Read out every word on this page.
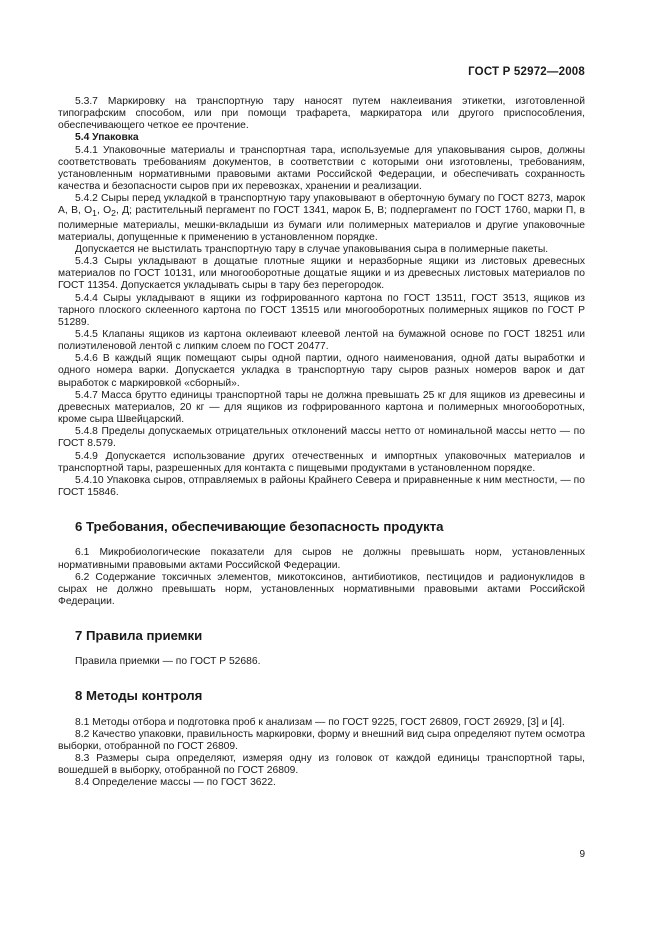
ГОСТ Р 52972—2008

5.3.7 Маркировку на транспортную тару наносят путем наклеивания этикетки, изготовленной типографским способом, или при помощи трафарета, маркиратора или другого приспособления, обеспечивающего четкое ее прочтение.

5.4 Упаковка

5.4.1 Упаковочные материалы и транспортная тара, используемые для упаковывания сыров, должны соответствовать требованиям документов, в соответствии с которыми они изготовлены, требованиям, установленным нормативными правовыми актами Российской Федерации, и обеспечивать сохранность качества и безопасности сыров при их перевозках, хранении и реализации.

5.4.2 Сыры перед укладкой в транспортную тару упаковывают в оберточную бумагу по ГОСТ 8273, марок А, В, $О_1$, $О_2$, Д; растительный пергамент по ГОСТ 1341, марок Б, В; подпергамент по ГОСТ 1760, марки П, в полимерные материалы, мешки-вкладыши из бумаги или полимерных материалов и другие упаковочные материалы, допущенные к применению в установленном порядке.

Допускается не выстилать транспортную тару в случае упаковывания сыра в полимерные пакеты.

5.4.3 Сыры укладывают в дощатые плотные ящики и неразборные ящики из листовых древесных материалов по ГОСТ 10131, или многооборотные дощатые ящики и из древесных листовых материалов по ГОСТ 11354. Допускается укладывать сыры в тару без перегородок.

5.4.4 Сыры укладывают в ящики из гофрированного картона по ГОСТ 13511, ГОСТ 3513, ящиков из тарного плоского склеенного картона по ГОСТ 13515 или многооборотных полимерных ящиков по ГОСТ Р 51289.

5.4.5 Клапаны ящиков из картона оклеивают клеевой лентой на бумажной основе по ГОСТ 18251 или полиэтиленовой лентой с липким слоем по ГОСТ 20477.

5.4.6 В каждый ящик помещают сыры одной партии, одного наименования, одной даты выработки и одного номера варки. Допускается укладка в транспортную тару сыров разных номеров варок и дат выработок с маркировкой «сборный».

5.4.7 Масса брутто единицы транспортной тары не должна превышать 25 кг для ящиков из древесины и древесных материалов, 20 кг — для ящиков из гофрированного картона и полимерных многооборотных, кроме сыра Швейцарский.

5.4.8 Пределы допускаемых отрицательных отклонений массы нетто от номинальной массы нетто — по ГОСТ 8.579.

5.4.9 Допускается использование других отечественных и импортных упаковочных материалов и транспортной тары, разрешенных для контакта с пищевыми продуктами в установленном порядке.

5.4.10 Упаковка сыров, отправляемых в районы Крайнего Севера и приравненные к ним местности, — по ГОСТ 15846.

6 Требования, обеспечивающие безопасность продукта

6.1 Микробиологические показатели для сыров не должны превышать норм, установленных нормативными правовыми актами Российской Федерации.

6.2 Содержание токсичных элементов, микотоксинов, антибиотиков, пестицидов и радионуклидов в сырах не должно превышать норм, установленных нормативными правовыми актами Российской Федерации.

7 Правила приемки

Правила приемки — по ГОСТ Р 52686.

8 Методы контроля

8.1 Методы отбора и подготовка проб к анализам — по ГОСТ 9225, ГОСТ 26809, ГОСТ 26929, [3] и [4].

8.2 Качество упаковки, правильность маркировки, форму и внешний вид сыра определяют путем осмотра выборки, отобранной по ГОСТ 26809.

8.3 Размеры сыра определяют, измеряя одну из головок от каждой единицы транспортной тары, вошедшей в выборку, отобранной по ГОСТ 26809.

8.4 Определение массы — по ГОСТ 3622.

9
